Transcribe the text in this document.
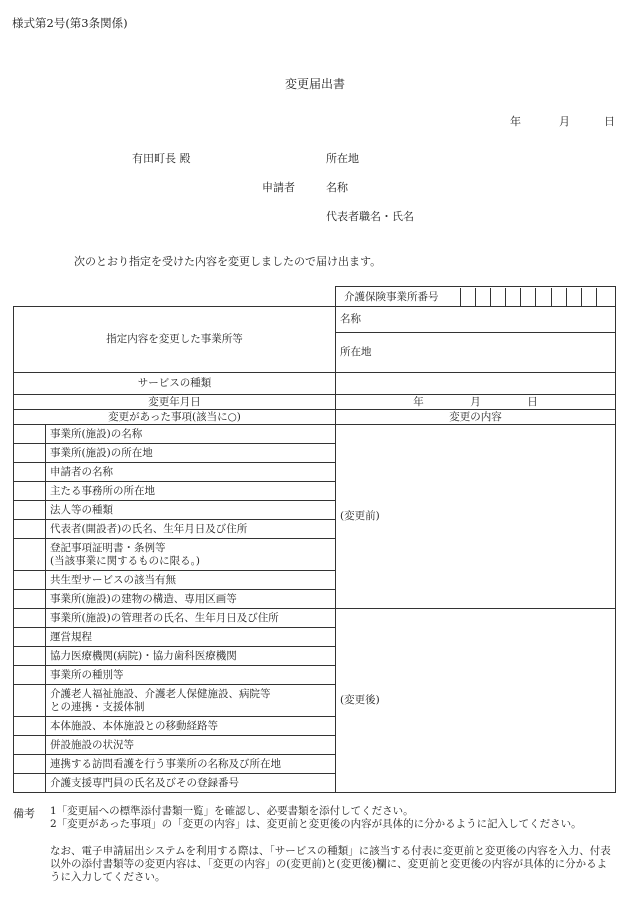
様式第2号(第3条関係)
変更届出書
年	月	日
有田町長 殿	所在地
申請者	名称
代表者職名・氏名
次のとおり指定を受けた内容を変更しましたので届け出ます。

		介護保険事業所番号

指定内容を変更した事業所等		名称
		所在地
サービスの種類		
変更年月日		年 月 日

変更があった事項(該当に○)		変更の内容
	事業所(施設)の名称	(変更前)
	事業所(施設)の所在地	
	申請者の名称	
	主たる事務所の所在地	
	法人等の種類	
	代表者(開設者)の氏名、生年月日及び住所	
	登記事項証明書・条例等
(当該事業に関するものに限る。)	
	共生型サービスの該当有無	
	事業所(施設)の建物の構造、専用区画等	
	事業所(施設)の管理者の氏名、生年月日及び住所	(変更後)
	運営規程	
	協力医療機関(病院)・協力歯科医療機関	
	事業所の種別等	
	介護老人福祉施設、介護老人保健施設、病院等
との連携・支援体制	
	本体施設、本体施設との移動経路等	
	併設施設の状況等	
	連携する訪問看護を行う事業所の名称及び所在地	
	介護支援専門員の氏名及びその登録番号	
備考 1「変更届への標準添付書類一覧」を確認し、必要書類を添付してください。
2「変更があった事項」の「変更の内容」は、変更前と変更後の内容が具体的に分かるように記入してください。
なお、電子申請届出システムを利用する際は、「サービスの種類」に該当する付表に変更前と変更後の内容を入力、付表以外の添付書類等の変更内容は、「変更の内容」の(変更前)と(変更後)欄に、変更前と変更後の内容が具体的に分かるように入力してください。
